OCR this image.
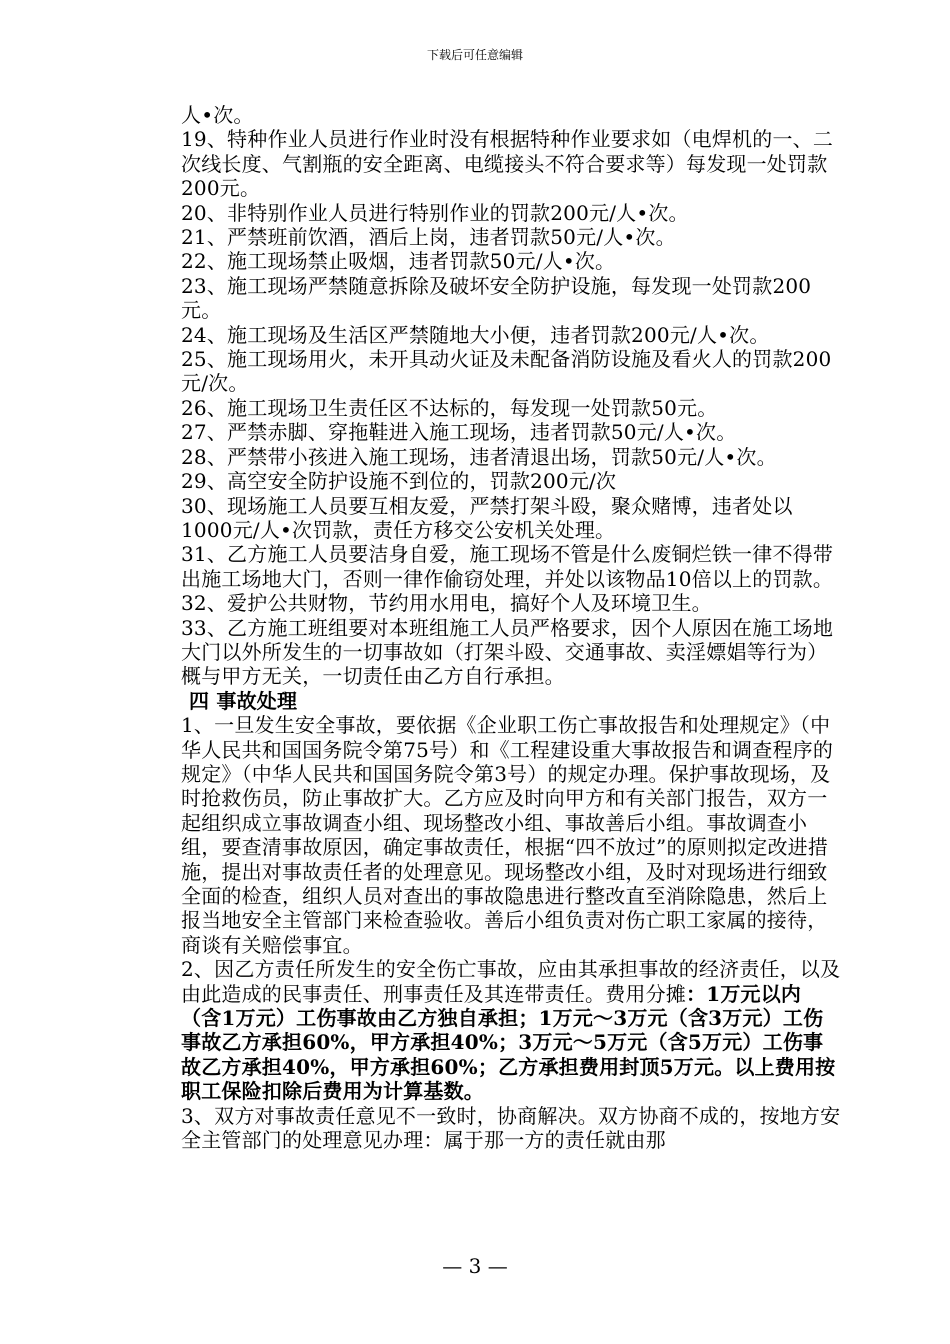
下载后可任意编辑

人•次。

19、特种作业人员进行作业时没有根据特种作业要求如（电焊机的一、二次线长度、气割瓶的安全距离、电缆接头不符合要求等）每发现一处罚款200元。

20、非特别作业人员进行特别作业的罚款200元/人•次。

21、严禁班前饮酒，酒后上岗，违者罚款50元/人•次。

22、施工现场禁止吸烟，违者罚款50元/人•次。

23、施工现场严禁随意拆除及破坏安全防护设施，每发现一处罚款200元。

24、施工现场及生活区严禁随地大小便，违者罚款200元/人•次。

25、施工现场用火，未开具动火证及未配备消防设施及看火人的罚款200元/次。

26、施工现场卫生责任区不达标的，每发现一处罚款50元。

27、严禁赤脚、穿拖鞋进入施工现场，违者罚款50元/人•次。

28、严禁带小孩进入施工现场，违者清退出场，罚款50元/人•次。

29、高空安全防护设施不到位的，罚款200元/次

30、现场施工人员要互相友爱，严禁打架斗殴，聚众赌博，违者处以1000元/人•次罚款，责任方移交公安机关处理。

31、乙方施工人员要洁身自爱，施工现场不管是什么废铜烂铁一律不得带出施工场地大门，否则一律作偷窃处理，并处以该物品10倍以上的罚款。

32、爱护公共财物，节约用水用电，搞好个人及环境卫生。

33、乙方施工班组要对本班组施工人员严格要求，因个人原因在施工场地大门以外所发生的一切事故如（打架斗殴、交通事故、卖淫嫖娼等行为）概与甲方无关，一切责任由乙方自行承担。

四 事故处理

1、一旦发生安全事故，要依据《企业职工伤亡事故报告和处理规定》（中华人民共和国国务院令第75号）和《工程建设重大事故报告和调查程序的规定》（中华人民共和国国务院令第3号）的规定办理。保护事故现场，及时抢救伤员，防止事故扩大。乙方应及时向甲方和有关部门报告，双方一起组织成立事故调查小组、现场整改小组、事故善后小组。事故调查小组，要查清事故原因，确定事故责任，根据“四不放过”的原则拟定改进措施，提出对事故责任者的处理意见。现场整改小组，及时对现场进行细致全面的检查，组织人员对查出的事故隐患进行整改直至消除隐患，然后上报当地安全主管部门来检查验收。善后小组负责对伤亡职工家属的接待，商谈有关赔偿事宜。

2、因乙方责任所发生的安全伤亡事故，应由其承担事故的经济责任，以及由此造成的民事责任、刑事责任及其连带责任。费用分摊：1万元以内（含1万元）工伤事故由乙方独自承担；1万元～3万元（含3万元）工伤事故乙方承担60%，甲方承担40%；3万元～5万元（含5万元）工伤事故乙方承担40%，甲方承担60%；乙方承担费用封顶5万元。以上费用按职工保险扣除后费用为计算基数。

3、双方对事故责任意见不一致时，协商解决。双方协商不成的，按地方安全主管部门的处理意见办理：属于那一方的责任就由那

— 3 —
